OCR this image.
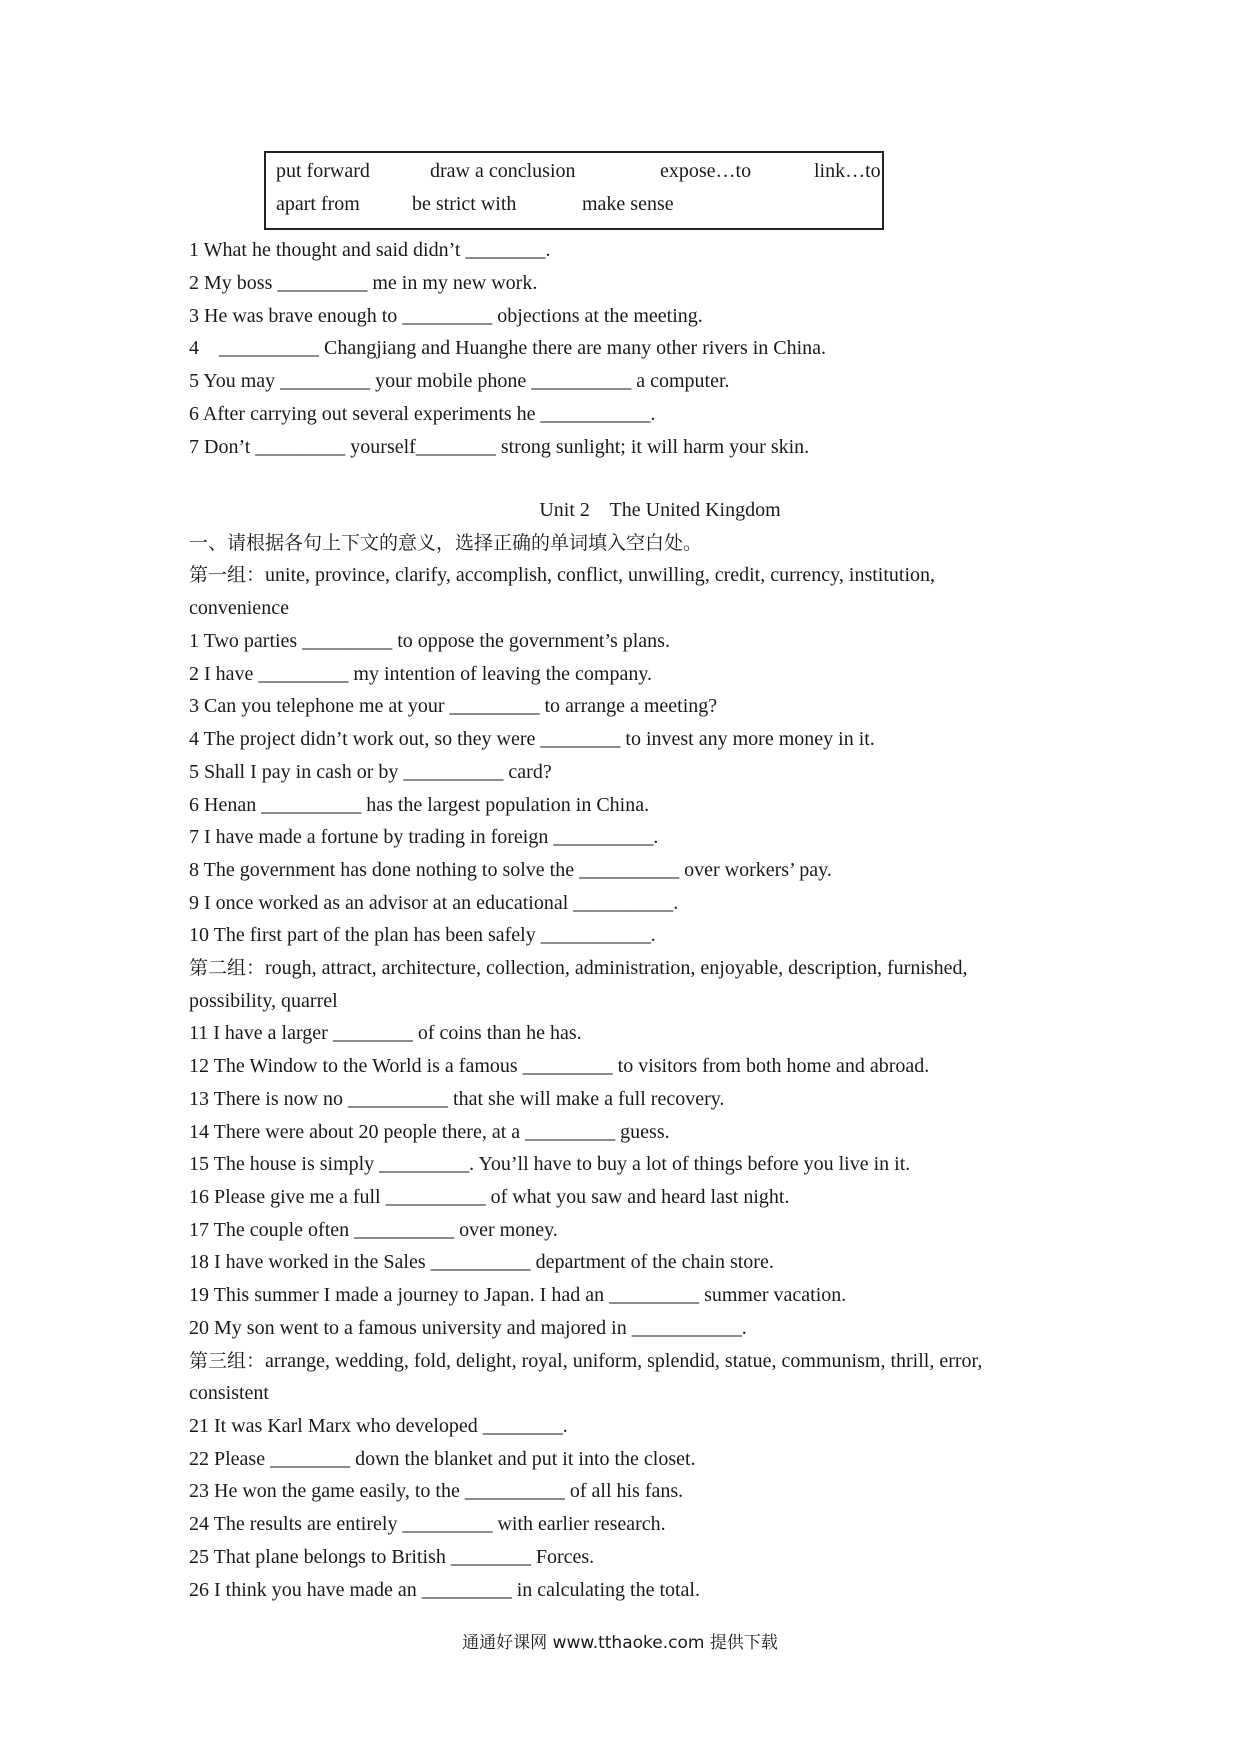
put forward	draw a conclusion	expose…to	link…to
apart from	be strict with	make sense
1 What he thought and said didn’t ________.
2 My boss _________ me in my new work.
3 He was brave enough to _________ objections at the meeting.
4    __________ Changjiang and Huanghe there are many other rivers in China.
5 You may _________ your mobile phone __________ a computer.
6 After carrying out several experiments he ___________.
7 Don’t _________ yourself________ strong sunlight; it will harm your skin.
Unit 2    The United Kingdom
一、请根据各句上下文的意义，选择正确的单词填入空白处。
第一组：unite, province, clarify, accomplish, conflict, unwilling, credit, currency, institution,
convenience
1 Two parties _________ to oppose the government’s plans.
2 I have _________ my intention of leaving the company.
3 Can you telephone me at your _________ to arrange a meeting?
4 The project didn’t work out, so they were ________ to invest any more money in it.
5 Shall I pay in cash or by __________ card?
6 Henan __________ has the largest population in China.
7 I have made a fortune by trading in foreign __________.
8 The government has done nothing to solve the __________ over workers’ pay.
9 I once worked as an advisor at an educational __________.
10 The first part of the plan has been safely ___________.
第二组：rough, attract, architecture, collection, administration, enjoyable, description, furnished,
possibility, quarrel
11 I have a larger ________ of coins than he has.
12 The Window to the World is a famous _________ to visitors from both home and abroad.
13 There is now no __________ that she will make a full recovery.
14 There were about 20 people there, at a _________ guess.
15 The house is simply _________. You’ll have to buy a lot of things before you live in it.
16 Please give me a full __________ of what you saw and heard last night.
17 The couple often __________ over money.
18 I have worked in the Sales __________ department of the chain store.
19 This summer I made a journey to Japan. I had an _________ summer vacation.
20 My son went to a famous university and majored in ___________.
第三组：arrange, wedding, fold, delight, royal, uniform, splendid, statue, communism, thrill, error,
consistent
21 It was Karl Marx who developed ________.
22 Please ________ down the blanket and put it into the closet.
23 He won the game easily, to the __________ of all his fans.
24 The results are entirely _________ with earlier research.
25 That plane belongs to British ________ Forces.
26 I think you have made an _________ in calculating the total.
通通好课网 www.tthaoke.com 提供下载
